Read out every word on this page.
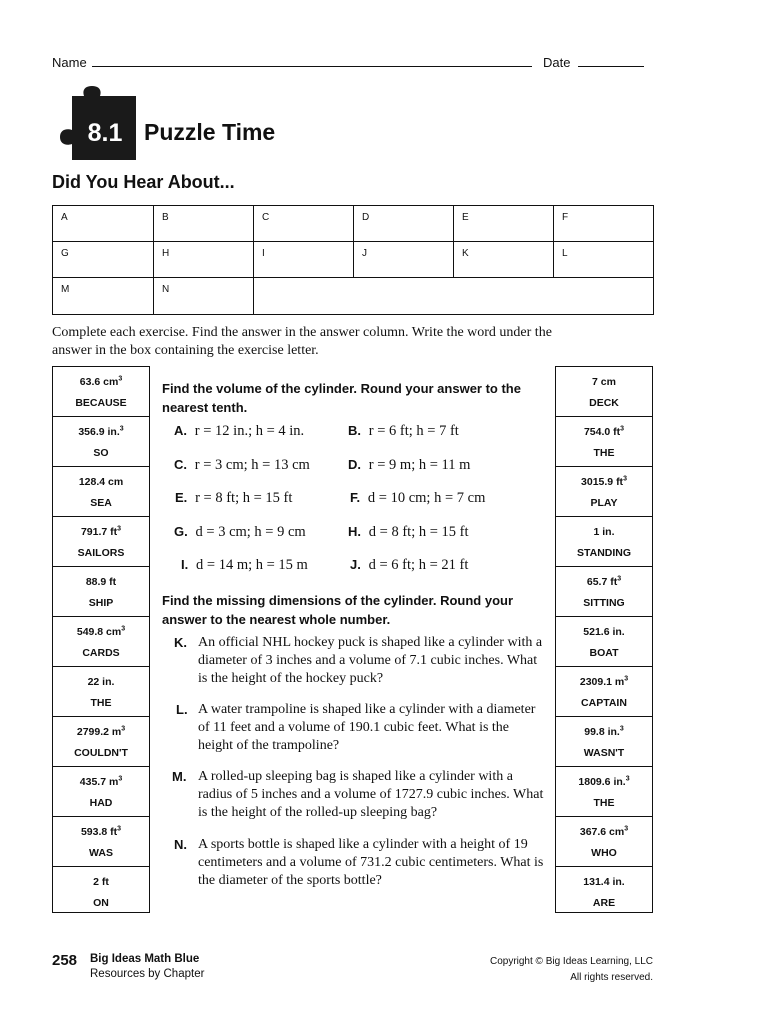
Name	Date
8.1 Puzzle Time
Did You Hear About...
A	B	C	D	E	F
G	H	I	J	K	L
M	N
Complete each exercise. Find the answer in the answer column. Write the word under the answer in the box containing the exercise letter.
63.6 $cm^3$
BECAUSE
356.9 in.$^3$
SO
128.4 cm
SEA
791.7 $ft^3$
SAILORS
88.9 ft
SHIP
549.8 $cm^3$
CARDS
22 in.
THE
2799.2 $m^3$
COULDN'T
435.7 $m^3$
HAD
593.8 $ft^3$
WAS
2 ft
ON
7 cm
DECK
754.0 $ft^3$
THE
3015.9 $ft^3$
PLAY
1 in.
STANDING
65.7 $ft^3$
SITTING
521.6 in.
BOAT
2309.1 $m^3$
CAPTAIN
99.8 in.$^3$
WASN'T
1809.6 in.$^3$
THE
367.6 $cm^3$
WHO
131.4 in.
ARE
Find the volume of the cylinder. Round your answer to the nearest tenth.
A. r = 12 in.; h = 4 in.	B. r = 6 ft; h = 7 ft
C. r = 3 cm; h = 13 cm	D. r = 9 m; h = 11 m
E. r = 8 ft; h = 15 ft	F. d = 10 cm; h = 7 cm
G. d = 3 cm; h = 9 cm	H. d = 8 ft; h = 15 ft
I. d = 14 m; h = 15 m	J. d = 6 ft; h = 21 ft
Find the missing dimensions of the cylinder. Round your answer to the nearest whole number.
K. An official NHL hockey puck is shaped like a cylinder with a diameter of 3 inches and a volume of 7.1 cubic inches. What is the height of the hockey puck?
L. A water trampoline is shaped like a cylinder with a diameter of 11 feet and a volume of 190.1 cubic feet. What is the height of the trampoline?
M. A rolled-up sleeping bag is shaped like a cylinder with a radius of 5 inches and a volume of 1727.9 cubic inches. What is the height of the rolled-up sleeping bag?
N. A sports bottle is shaped like a cylinder with a height of 19 centimeters and a volume of 731.2 cubic centimeters. What is the diameter of the sports bottle?
258 Big Ideas Math Blue
Resources by Chapter
Copyright © Big Ideas Learning, LLC
All rights reserved.
